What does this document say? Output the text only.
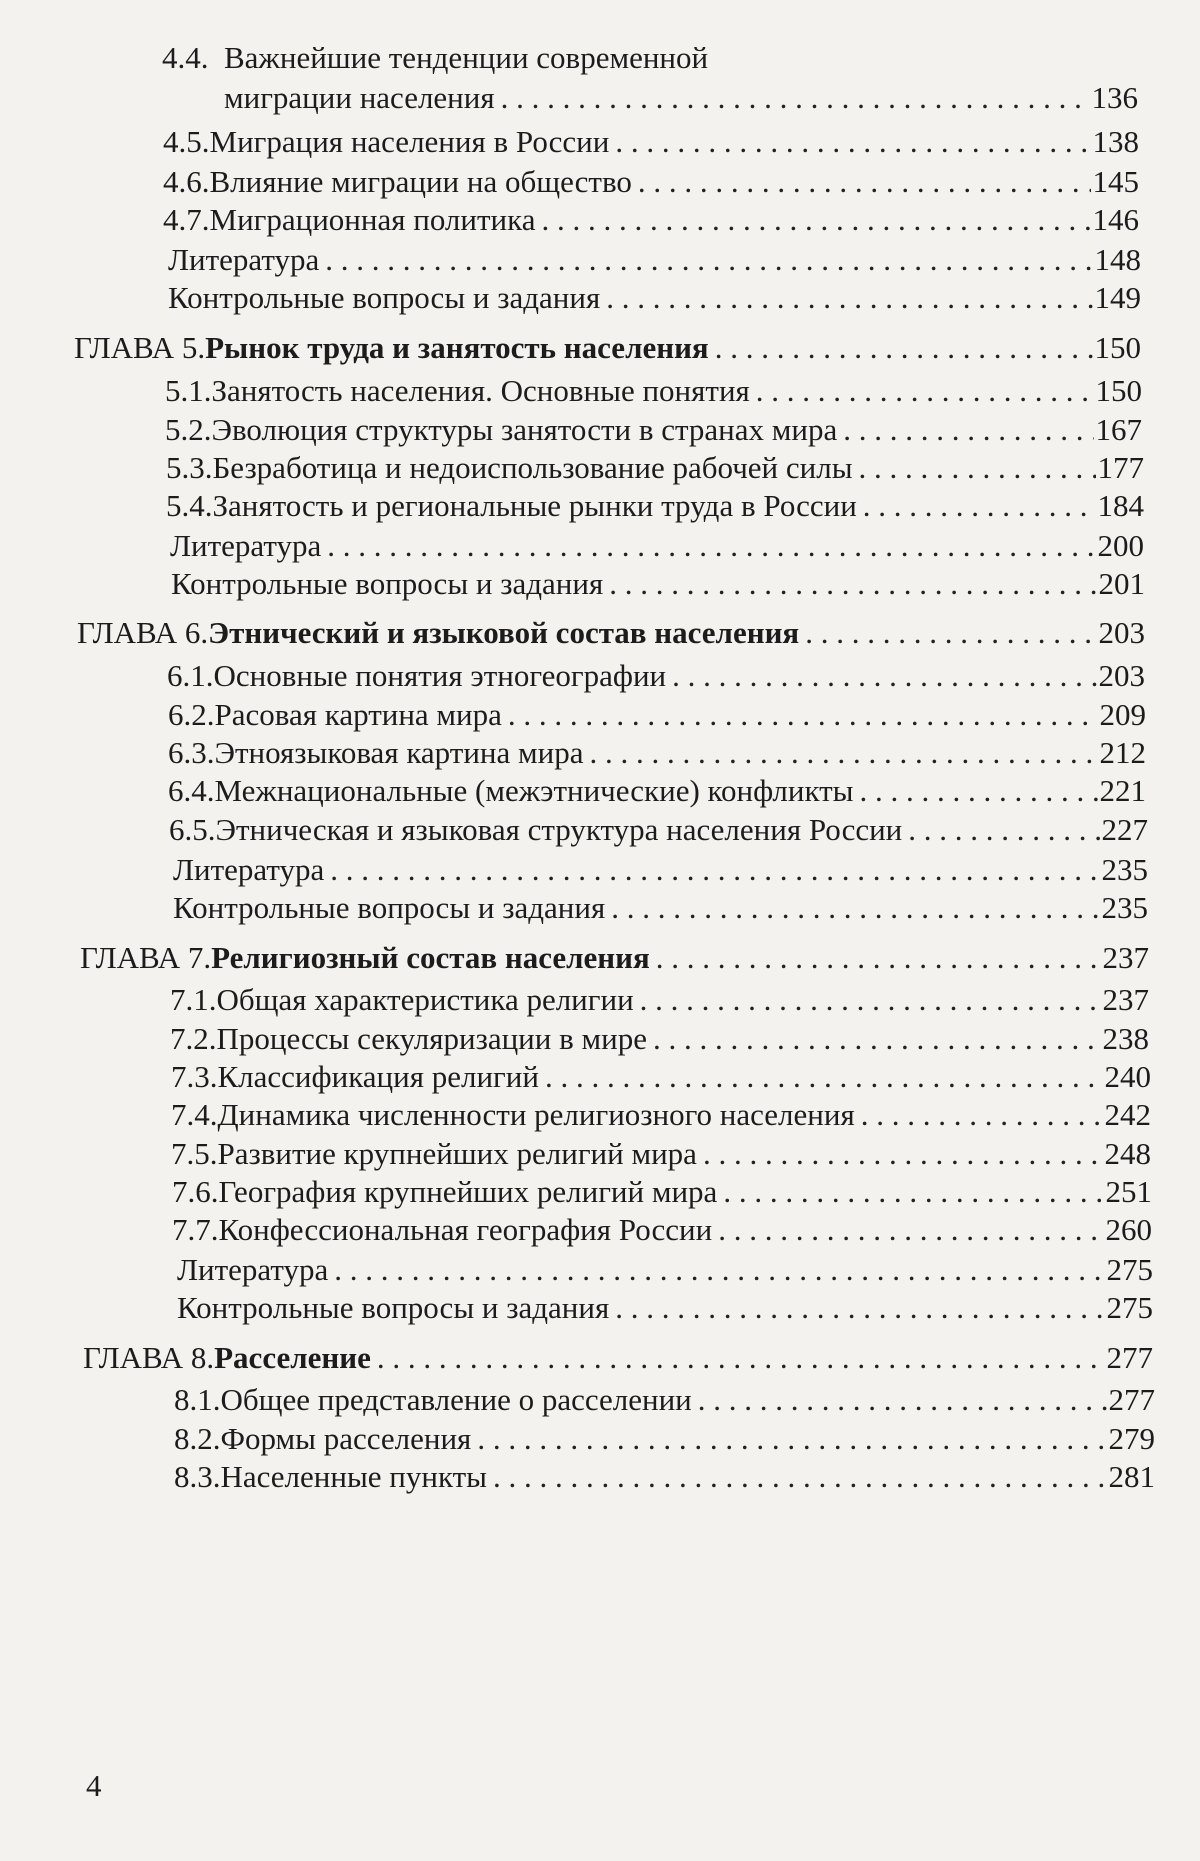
4.4. Важнейшие тенденции современной
миграции населения . . .	136
4.5. Миграция населения в России . . .	138
4.6. Влияние миграции на общество . . .	145
4.7. Миграционная политика . . .	146
Литература . . .	148
Контрольные вопросы и задания . . .	149
ГЛАВА 5. Рынок труда и занятость населения . . .	150
5.1. Занятость населения. Основные понятия . . .	150
5.2. Эволюция структуры занятости в странах мира . . .	167
5.3. Безработица и недоиспользование рабочей силы . . .	177
5.4. Занятость и региональные рынки труда в России . . .	184
Литература . . .	200
Контрольные вопросы и задания . . .	201
ГЛАВА 6. Этнический и языковой состав населения . . .	203
6.1. Основные понятия этногеографии . . .	203
6.2. Расовая картина мира . . .	209
6.3. Этноязыковая картина мира . . .	212
6.4. Межнациональные (межэтнические) конфликты . . .	221
6.5. Этническая и языковая структура населения России . . .	227
Литература . . .	235
Контрольные вопросы и задания . . .	235
ГЛАВА 7. Религиозный состав населения . . .	237
7.1. Общая характеристика религии . . .	237
7.2. Процессы секуляризации в мире . . .	238
7.3. Классификация религий . . .	240
7.4. Динамика численности религиозного населения . . .	242
7.5. Развитие крупнейших религий мира . . .	248
7.6. География крупнейших религий мира . . .	251
7.7. Конфессиональная география России . . .	260
Литература . . .	275
Контрольные вопросы и задания . . .	275
ГЛАВА 8. Расселение . . .	277
8.1. Общее представление о расселении . . .	277
8.2. Формы расселения . . .	279
8.3. Населенные пункты . . .	281
4
